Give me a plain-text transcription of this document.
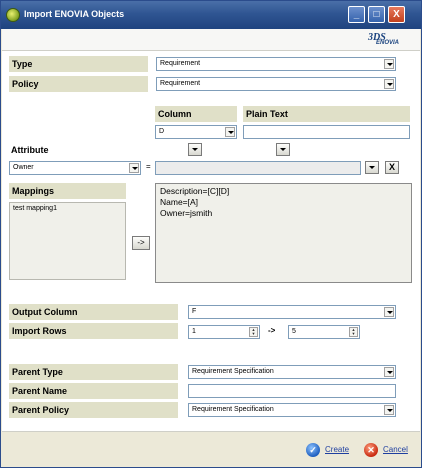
Import ENOVIA Objects	_	□	X
3DS
ENOVIA
Type	Requirement
Policy	Requirement
Column	Plain Text
D
Attribute
Owner	=	X
Mappings
test mapping1
->
Description=[C][D]
Name=[A]
Owner=jsmith
Output Column	F
Import Rows	1	▲
▼	->	5	▲
▼
Parent Type	Requirement Specification
Parent Name
Parent Policy	Requirement Specification
✓
Create
✕	Cancel
